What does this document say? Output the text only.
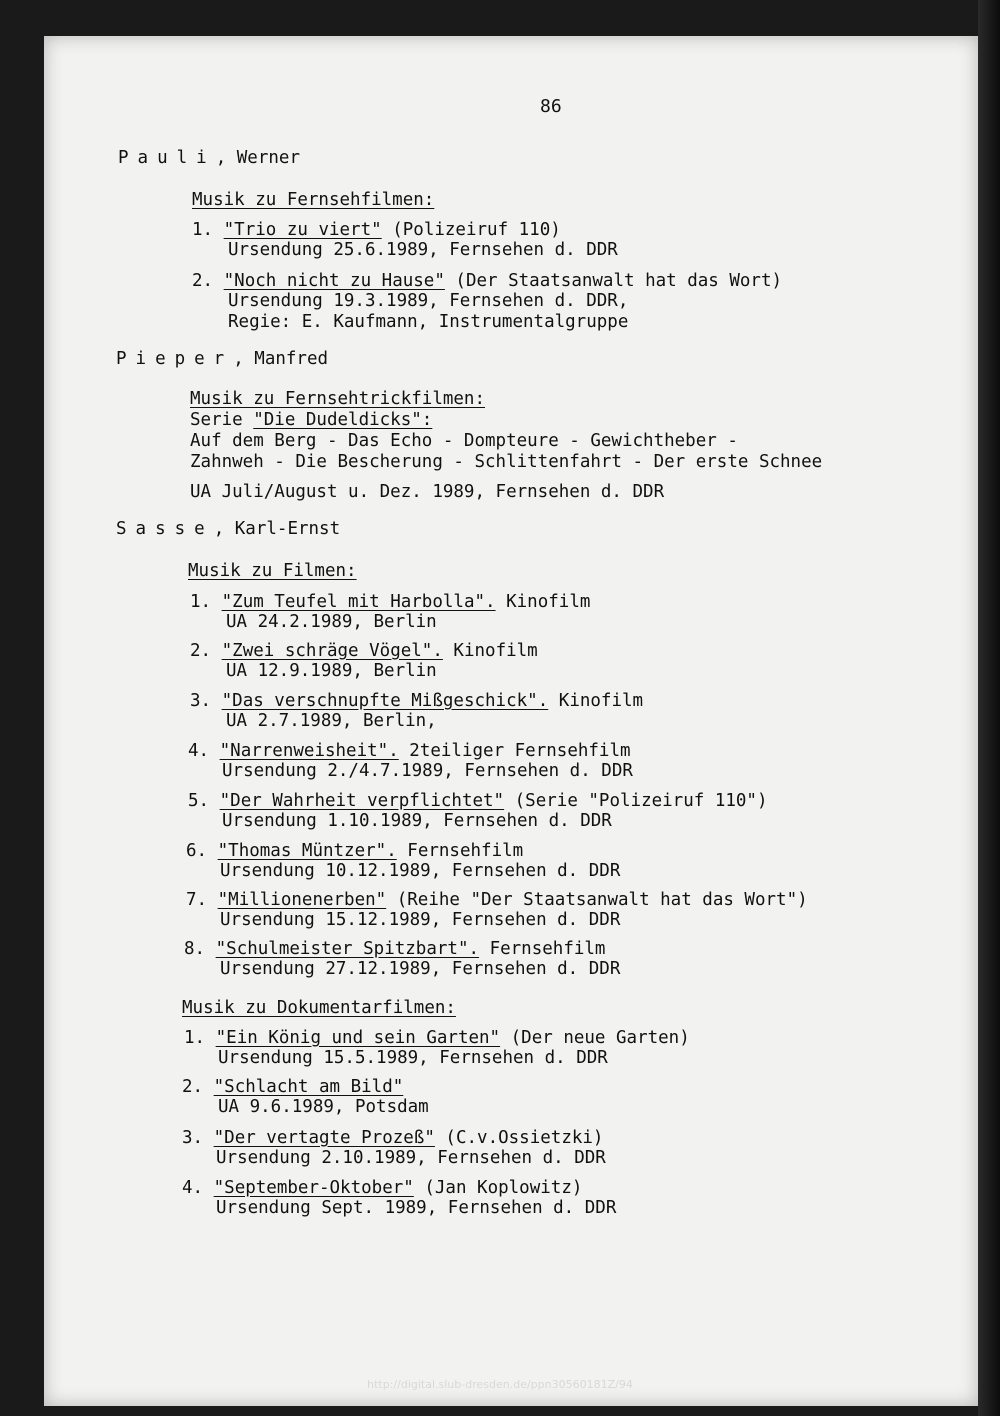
86
Pauli, Werner
Musik zu Fernsehfilmen:
1. "Trio zu viert" (Polizeiruf 110)
Ursendung 25.6.1989, Fernsehen d. DDR
2. "Noch nicht zu Hause" (Der Staatsanwalt hat das Wort)
Ursendung 19.3.1989, Fernsehen d. DDR,
Regie: E. Kaufmann, Instrumentalgruppe
Pieper, Manfred
Musik zu Fernsehtrickfilmen:
Serie "Die Dudeldicks":
Auf dem Berg - Das Echo - Dompteure - Gewichtheber -
Zahnweh - Die Bescherung - Schlittenfahrt - Der erste Schnee
UA Juli/August u. Dez. 1989, Fernsehen d. DDR
Sasse, Karl-Ernst
Musik zu Filmen:
1. "Zum Teufel mit Harbolla". Kinofilm
UA 24.2.1989, Berlin
2. "Zwei schräge Vögel". Kinofilm
UA 12.9.1989, Berlin
3. "Das verschnupfte Mißgeschick". Kinofilm
UA 2.7.1989, Berlin,
4. "Narrenweisheit". 2teiliger Fernsehfilm
Ursendung 2./4.7.1989, Fernsehen d. DDR
5. "Der Wahrheit verpflichtet" (Serie "Polizeiruf 110")
Ursendung 1.10.1989, Fernsehen d. DDR
6. "Thomas Müntzer". Fernsehfilm
Ursendung 10.12.1989, Fernsehen d. DDR
7. "Millionenerben" (Reihe "Der Staatsanwalt hat das Wort")
Ursendung 15.12.1989, Fernsehen d. DDR
8. "Schulmeister Spitzbart". Fernsehfilm
Ursendung 27.12.1989, Fernsehen d. DDR
Musik zu Dokumentarfilmen:
1. "Ein König und sein Garten" (Der neue Garten)
Ursendung 15.5.1989, Fernsehen d. DDR
2. "Schlacht am Bild"
UA 9.6.1989, Potsdam
3. "Der vertagte Prozeß" (C.v.Ossietzki)
Ursendung 2.10.1989, Fernsehen d. DDR
4. "September-Oktober" (Jan Koplowitz)
Ursendung Sept. 1989, Fernsehen d. DDR
http://digital.slub-dresden.de/ppn30560181Z/94
